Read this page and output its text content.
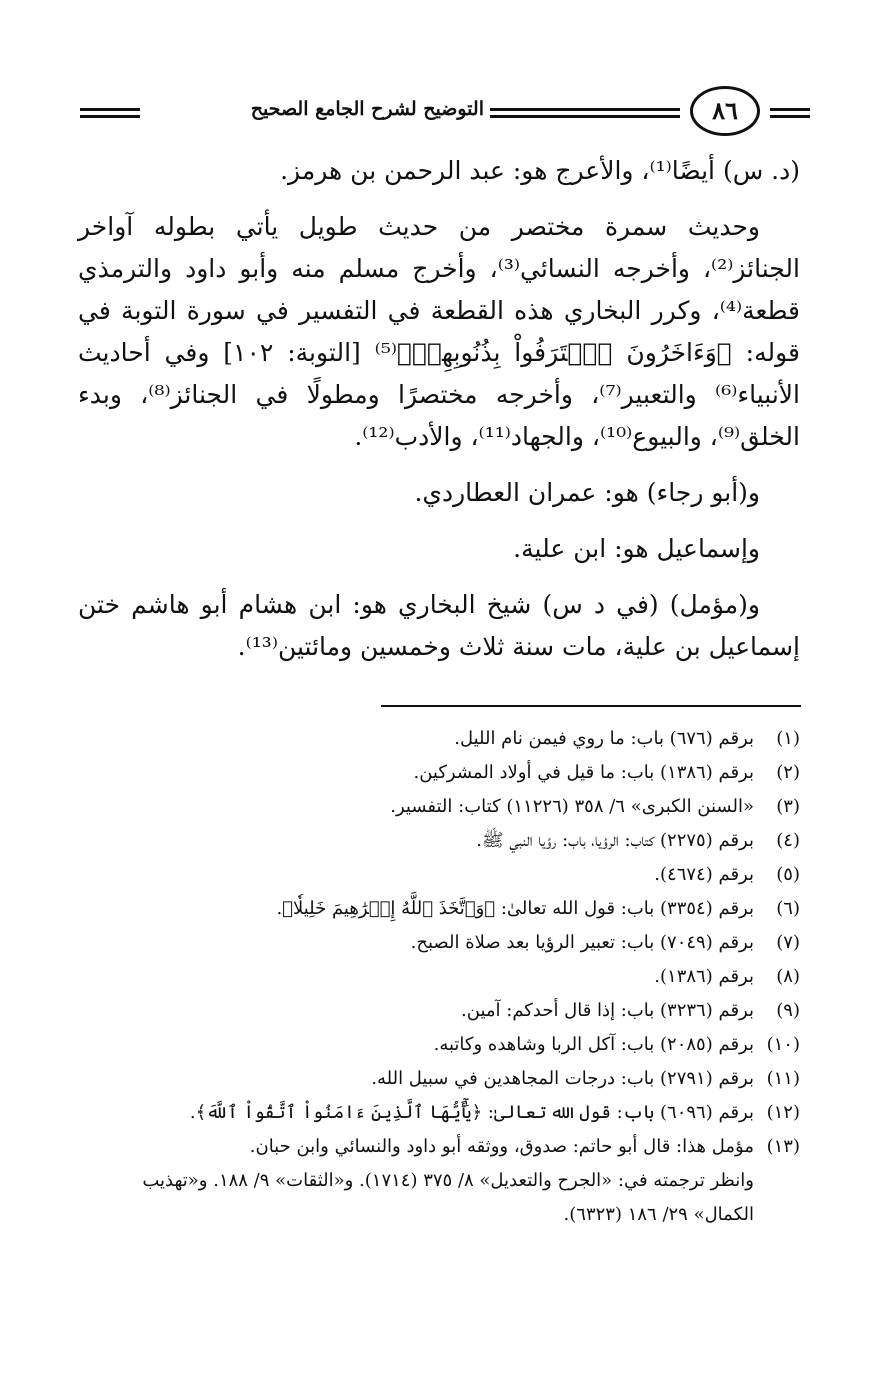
٨٦
التوضيح لشرح الجامع الصحيح

(د. س) أيضًا⁽¹⁾، والأعرج هو: عبد الرحمن بن هرمز.

وحديث سمرة مختصر من حديث طويل يأتي بطوله آواخر الجنائز⁽²⁾، وأخرجه النسائي⁽³⁾، وأخرج مسلم منه وأبو داود والترمذي قطعة⁽⁴⁾، وكرر البخاري هذه القطعة في التفسير في سورة التوبة في قوله: ﴿وَءَاخَرُونَ ٱعۡتَرَفُواْ بِذُنُوبِهِمۡ﴾⁽⁵⁾ [التوبة: ١٠٢] وفي أحاديث الأنبياء⁽⁶⁾ والتعبير⁽⁷⁾، وأخرجه مختصرًا ومطولًا في الجنائز⁽⁸⁾، وبدء الخلق⁽⁹⁾، والبيوع⁽¹⁰⁾، والجهاد⁽¹¹⁾، والأدب⁽¹²⁾.

و(أبو رجاء) هو: عمران العطاردي.

وإسماعيل هو: ابن علية.

و(مؤمل) (في د س) شيخ البخاري هو: ابن هشام أبو هاشم ختن إسماعيل بن علية، مات سنة ثلاث وخمسين ومائتين⁽¹³⁾.

(١)
برقم (٦٧٦) باب: ما روي فيمن نام الليل.
(٢)
برقم (١٣٨٦) باب: ما قيل في أولاد المشركين.
(٣)
«السنن الكبرى» ٦/ ٣٥٨ (١١٢٢٦) كتاب: التفسير.
(٤)
برقم (٢٢٧٥) كتاب: الرؤيا، باب: رؤيا النبي ﷺ.
(٥)
برقم (٤٦٧٤).
(٦)
برقم (٣٣٥٤) باب: قول الله تعالىٰ: ﴿وَٱتَّخَذَ ٱللَّهُ إِبۡرَٰهِيمَ خَلِيلٗا﴾.
(٧)
برقم (٧٠٤٩) باب: تعبير الرؤيا بعد صلاة الصبح.
(٨)
برقم (١٣٨٦).
(٩)
برقم (٣٢٣٦) باب: إذا قال أحدكم: آمين.
(١٠)
برقم (٢٠٨٥) باب: آكل الربا وشاهده وكاتبه.
(١١)
برقم (٢٧٩١) باب: درجات المجاهدين في سبيل الله.
(١٢)
برقم (٦٠٩٦) باب: قول الله تعالىٰ: ﴿يَٰٓأَيُّهَا ٱلَّذِينَ ءَامَنُواْ ٱتَّقُواْ ٱللَّهَ﴾.
(١٣)
مؤمل هذا: قال أبو حاتم: صدوق، ووثقه أبو داود والنسائي وابن حبان.
وانظر ترجمته في: «الجرح والتعديل» ٨/ ٣٧٥ (١٧١٤). و«الثقات» ٩/ ١٨٨. و«تهذيب الكمال» ٢٩/ ١٨٦ (٦٣٢٣).
